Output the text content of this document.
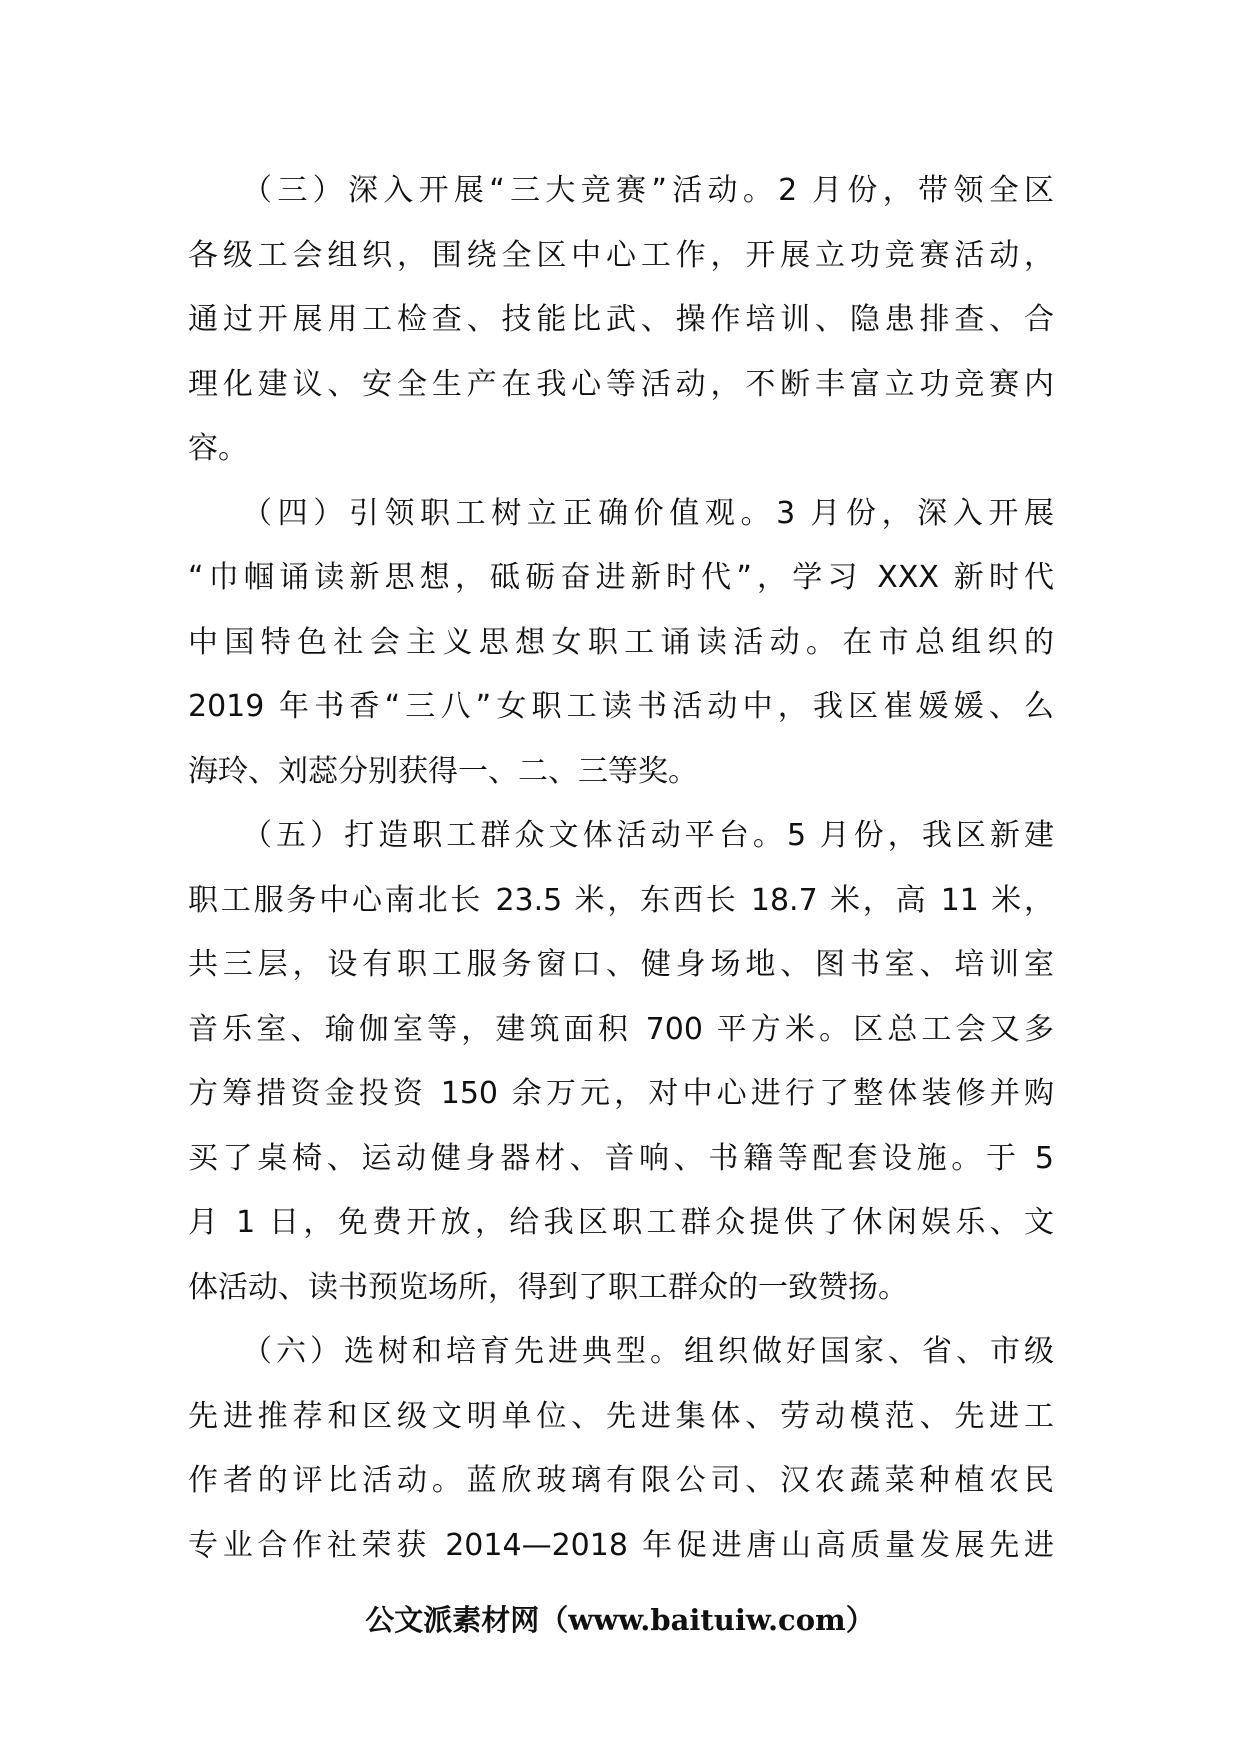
（三）深入开展“三大竞赛”活动。2 月份，带领全区
各级工会组织，围绕全区中心工作，开展立功竞赛活动，
通过开展用工检查、技能比武、操作培训、隐患排查、合
理化建议、安全生产在我心等活动，不断丰富立功竞赛内
容。
（四）引领职工树立正确价值观。3 月份，深入开展
“巾帼诵读新思想，砥砺奋进新时代”，学习 XXX 新时代
中国特色社会主义思想女职工诵读活动。在市总组织的
2019 年书香“三八”女职工读书活动中，我区崔媛媛、么
海玲、刘蕊分别获得一、二、三等奖。
（五）打造职工群众文体活动平台。5 月份，我区新建
职工服务中心南北长 23.5 米，东西长 18.7 米，高 11 米，
共三层，设有职工服务窗口、健身场地、图书室、培训室
音乐室、瑜伽室等，建筑面积 700 平方米。区总工会又多
方筹措资金投资 150 余万元，对中心进行了整体装修并购
买了桌椅、运动健身器材、音响、书籍等配套设施。于 5
月 1 日，免费开放，给我区职工群众提供了休闲娱乐、文
体活动、读书预览场所，得到了职工群众的一致赞扬。
（六）选树和培育先进典型。组织做好国家、省、市级
先进推荐和区级文明单位、先进集体、劳动模范、先进工
作者的评比活动。蓝欣玻璃有限公司、汉农蔬菜种植农民
专业合作社荣获 2014—2018 年促进唐山高质量发展先进
公文派素材网（www.baituiw.com）
